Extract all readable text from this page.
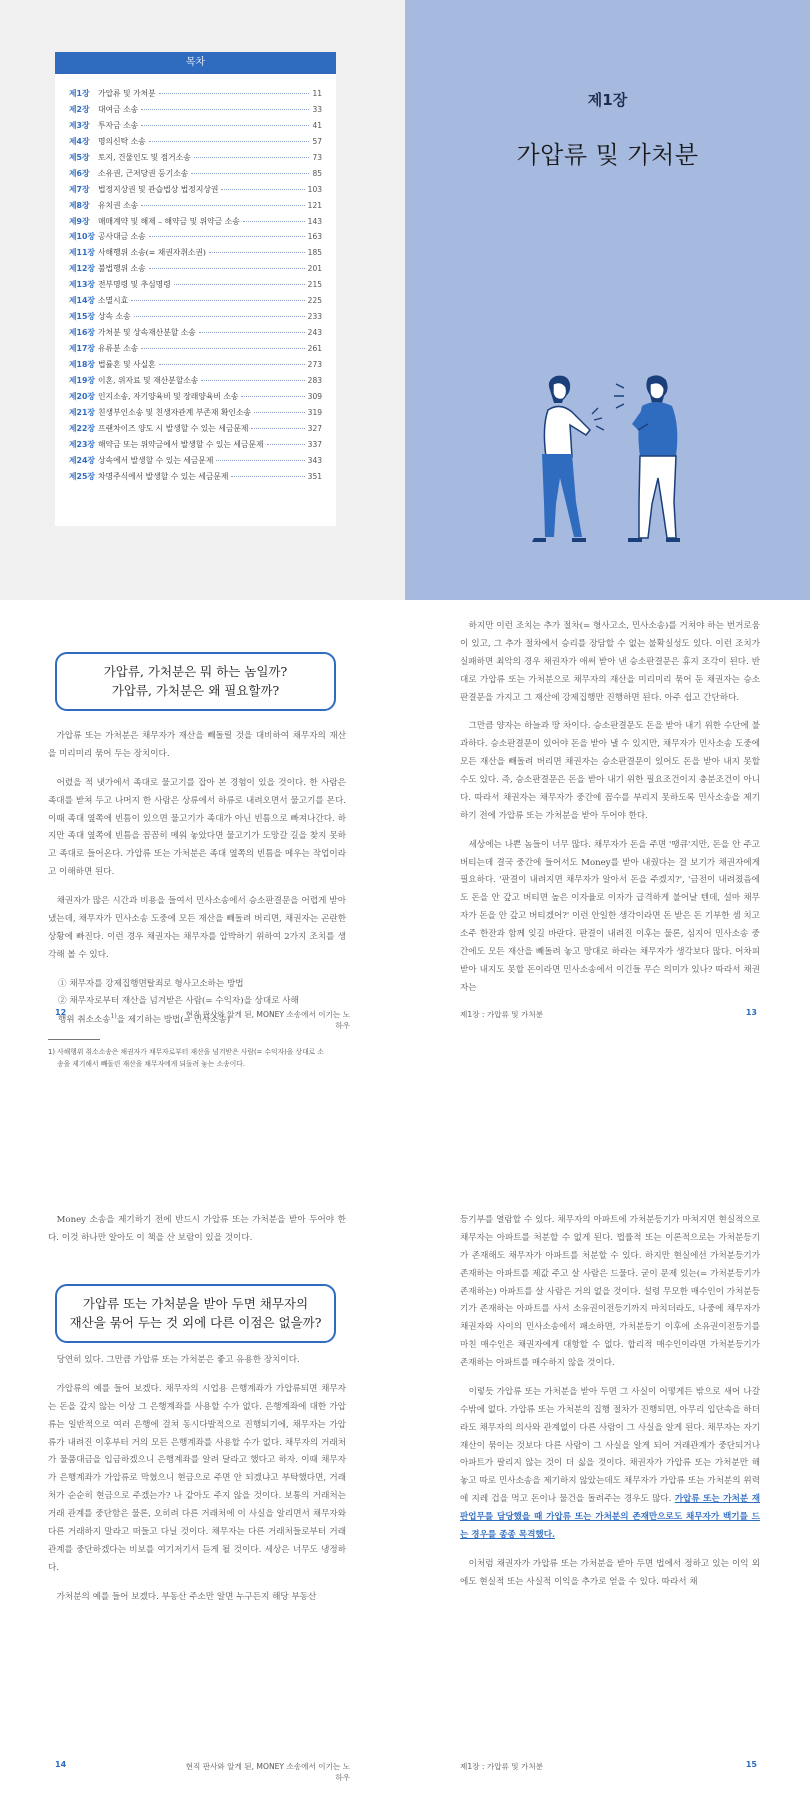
목차
제1장	가압류 및 가처분	11
제2장	대여금 소송	33
제3장	투자금 소송	41
제4장	명의신탁 소송	57
제5장	토지, 건물인도 및 점거소송	73
제6장	소유권, 근저당권 등기소송	85
제7장	법정지상권 및 관습법상 법정지상권	103
제8장	유치권 소송	121
제9장	매매계약 및 해제 – 해약금 및 위약금 소송	143
제10장 공사대금 소송	163
제11장 사해행위 소송(= 채권자취소권)	185
제12장 불법행위 소송	201
제13장 전부명령 및 추심명령	215
제14장 소멸시효	225
제15장 상속 소송	233
제16장 가처분 및 상속재산분할 소송	243
제17장 유류분 소송	261
제18장 법률혼 및 사실혼	273
제19장 이혼, 위자료 및 재산분할소송	283
제20장 인지소송, 자기양육비 및 장래양육비 소송	309
제21장 친생부인소송 및 친생자관계 부존재 확인소송	319
제22장 프랜차이즈 양도 시 발생할 수 있는 세금문제	327
제23장 해약금 또는 위약금에서 발생할 수 있는 세금문제	337
제24장 상속에서 발생할 수 있는 세금문제	343
제25장 차명주식에서 발생할 수 있는 세금문제	351
제1장
가압류 및 가처분
가압류, 가처분은 뭐 하는 놈일까?
가압류, 가처분은 왜 필요할까?

가압류 또는 가처분은 채무자가 재산을 빼돌릴 것을 대비하여 채무자의 재산을 미리미리 묶어 두는 장치이다.

어렸을 적 냇가에서 족대로 물고기를 잡아 본 경험이 있을 것이다. 한 사람은 족대를 받쳐 두고 나머지 한 사람은 상류에서 하류로 내려오면서 물고기를 몬다. 이때 족대 옆쪽에 빈틈이 있으면 물고기가 족대가 아닌 빈틈으로 빠져나간다. 하지만 족대 옆쪽에 빈틈을 꼼꼼히 메워 놓았다면 물고기가 도망갈 길을 찾지 못하고 족대로 들어온다. 가압류 또는 가처분은 족대 옆쪽의 빈틈을 메우는 작업이라고 이해하면 된다.

채권자가 많은 시간과 비용을 들여서 민사소송에서 승소판결문을 어렵게 받아 냈는데, 채무자가 민사소송 도중에 모든 재산을 빼돌려 버리면, 채권자는 곤란한 상황에 빠진다. 이런 경우 채권자는 채무자를 압박하기 위하여 2가지 조치를 생각해 볼 수 있다.

① 채무자를 강제집행면탈죄로 형사고소하는 방법
② 채무자로부터 재산을 넘겨받은 사람(= 수익자)을 상대로 사해
행위 취소소송$^{1)}$을 제기하는 방법(= 민사소송)
1) 사해행위 취소소송은 채권자가 채무자로부터 재산을 넘겨받은 사람(= 수익자)을 상대로 소
송을 제기해서 빼돌린 재산을 채무자에게 되돌려 놓는 소송이다.
12	현직 판사와 알게 된, MONEY 소송에서 이기는 노하우

하지만 이런 조치는 추가 절차(= 형사고소, 민사소송)를 거쳐야 하는 번거로움이 있고, 그 추가 절차에서 승리를 장담할 수 없는 불확실성도 있다. 이런 조치가 실패하면 최악의 경우 채권자가 애써 받아 낸 승소판결문은 휴지 조각이 된다. 반대로 가압류 또는 가처분으로 채무자의 재산을 미리미리 묶어 둔 채권자는 승소판결문을 가지고 그 재산에 강제집행만 진행하면 된다. 아주 쉽고 간단하다.

그만큼 양자는 하늘과 땅 차이다. 승소판결문도 돈을 받아 내기 위한 수단에 불과하다. 승소판결문이 있어야 돈을 받아 낼 수 있지만, 채무자가 민사소송 도중에 모든 재산을 빼돌려 버리면 채권자는 승소판결문이 있어도 돈을 받아 내지 못할 수도 있다. 즉, 승소판결문은 돈을 받아 내기 위한 필요조건이지 충분조건이 아니다. 따라서 채권자는 채무자가 중간에 꼼수를 부리지 못하도록 민사소송을 제기하기 전에 가압류 또는 가처분을 받아 두어야 한다.

세상에는 나쁜 놈들이 너무 많다. 채무자가 돈을 주면 '땡큐'지만, 돈을 안 주고 버티는데 결국 중간에 들어서도 Money를 받아 내줬다는 걸 보기가 채권자에게 필요하다. '판결이 내려지면 채무자가 알아서 돈을 주겠지?', '금전이 내려졌음에도 돈을 안 갚고 버티면 높은 이자율로 이자가 급격하게 불어날 텐데, 설마 채무자가 돈을 안 갚고 버티겠어?' 이런 안일한 생각이라면 돈 받은 돈 기부한 셈 치고 소주 한잔과 함께 잊길 바란다. 판결이 내려진 이후는 물론, 심지어 민사소송 중간에도 모든 재산을 빼돌려 놓고 망대로 하라는 채무자가 생각보다 많다. 어차피 받아 내지도 못할 돈이라면 민사소송에서 이긴들 무슨 의미가 있나? 따라서 채권자는

제1장 : 가압류 및 가처분	13

Money 소송을 제기하기 전에 반드시 가압류 또는 가처분을 받아 두어야 한다. 이것 하나만 알아도 이 책을 산 보람이 있을 것이다.

가압류 또는 가처분을 받아 두면 채무자의
재산을 묶어 두는 것 외에 다른 이점은 없을까?

당연히 있다. 그만큼 가압류 또는 가처분은 좋고 유용한 장치이다.

가압류의 예를 들어 보겠다. 채무자의 시업용 은행계좌가 가압류되면 채무자는 돈을 갚지 않는 이상 그 은행계좌를 사용할 수가 없다. 은행계좌에 대한 가압류는 일반적으로 여러 은행에 걸쳐 동시다발적으로 진행되기에, 채무자는 가압류가 내려진 이후부터 거의 모든 은행계좌를 사용할 수가 없다. 채무자의 거래처가 물품대금을 입금하겠으니 은행계좌를 알려 달라고 했다고 하자. 이때 채무자가 은행계좌가 가압류로 막혔으니 현금으로 주면 안 되겠냐고 부탁했다면, 거래처가 순순히 현금으로 주겠는가? 나 같아도 주지 않을 것이다. 보통의 거래처는 거래 관계를 중단함은 물론, 오히려 다른 거래처에 이 사실을 알리면서 채무자와 다른 거래하지 말라고 떠들고 다닐 것이다. 채무자는 다른 거래처들로부터 거래 관계를 중단하겠다는 비보를 여기저기서 듣게 될 것이다. 세상은 너무도 냉정하다.

가처분의 예를 들어 보겠다. 부동산 주소만 알면 누구든지 해당 부동산

14	현직 판사와 알게 된, MONEY 소송에서 이기는 노하우

등기부를 열람할 수 있다. 채무자의 아파트에 가처분등기가 마쳐지면 현실적으로 채무자는 아파트를 처분할 수 없게 된다. 법률적 또는 이론적으로는 가처분등기가 존재해도 채무자가 아파트를 처분할 수 있다. 하지만 현실에선 가처분등기가 존재하는 아파트를 제값 주고 살 사람은 드물다. 굳이 문제 있는(= 가처분등기가 존재하는) 아파트를 살 사람은 거의 없을 것이다. 설령 무모한 매수인이 가처분등기가 존재하는 아파트를 사서 소유권이전등기까지 마치더라도, 나중에 채무자가 채권자와 사이의 민사소송에서 패소하면, 가처분등기 이후에 소유권이전등기를 마친 매수인은 채권자에게 대항할 수 없다. 합리적 매수인이라면 가처분등기가 존재하는 아파트를 매수하지 않을 것이다.

이렇듯 가압류 또는 가처분을 받아 두면 그 사실이 어떻게든 밖으로 새어 나갈 수밖에 없다. 가압류 또는 가처분의 집행 절차가 진행되면, 아무리 입단속을 하더라도 채무자의 의사와 관계없이 다른 사람이 그 사실을 알게 된다. 채무자는 자기 재산이 묶이는 것보다 다른 사람이 그 사실을 알게 되어 거래관계가 중단되거나 아파트가 팔리지 않는 것이 더 싫을 것이다. 채권자가 가압류 또는 가처분만 해 놓고 따로 민사소송을 제기하지 않았는데도 채무자가 가압류 또는 가처분의 위력에 지레 겁을 먹고 돈이나 물건을 돌려주는 경우도 많다. 가압류 또는 가처분 재판업무를 담당했을 때 가압류 또는 가처분의 존재만으로도 채무자가 백기를 드는 경우를 종종 목격했다.

이처럼 채권자가 가압류 또는 가처분을 받아 두면 법에서 정하고 있는 이익 외에도 현실적 또는 사실적 이익을 추가로 얻을 수 있다. 따라서 채

제1장 : 가압류 및 가처분	15
